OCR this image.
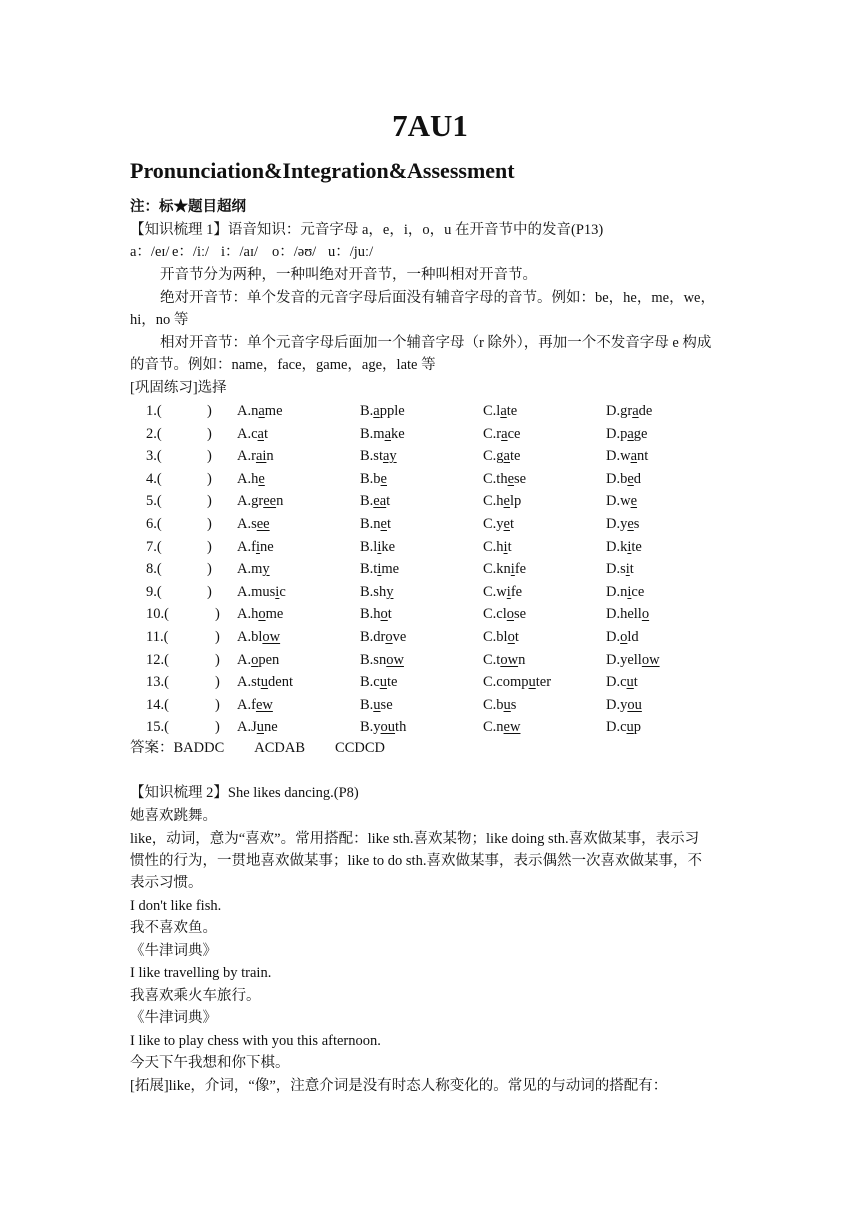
7AU1
Pronunciation&Integration&Assessment
注：标★题目超纲
【知识梳理 1】语音知识：元音字母 a，e，i，o，u 在开音节中的发音(P13)
a：/eɪ/ e：/iː/ i：/aɪ/ o：/əʊ/ u：/juː/
开音节分为两种，一种叫绝对开音节，一种叫相对开音节。
绝对开音节：单个发音的元音字母后面没有辅音字母的音节。例如：be，he，me，we，
hi，no 等
相对开音节：单个元音字母后面加一个辅音字母（r 除外），再加一个不发音字母 e 构成
的音节。例如：name，face，game，age，late 等
[巩固练习]选择
1.(	) A.name	B.apple	C.late	D.grade
2.(	) A.cat	B.make	C.race	D.page
3.(	) A.rain	B.stay	C.gate	D.want
4.(	) A.he	B.be	C.these	D.bed
5.(	) A.green	B.eat	C.help	D.we
6.(	) A.see	B.net	C.yet	D.yes
7.(	) A.fine	B.like	C.hit	D.kite
8.(	) A.my	B.time	C.knife	D.sit
9.(	) A.music	B.shy	C.wife	D.nice
10.(	) A.home	B.hot	C.close	D.hello
11.(	) A.blow	B.drove	C.blot	D.old
12.(	) A.open	B.snow	C.town	D.yellow
13.(	) A.student	B.cute	C.computer	D.cut
14.(	) A.few	B.use	C.bus	D.you
15.(	) A.June	B.youth	C.new	D.cup
答案：BADDC ACDAB CCDCD
【知识梳理 2】She likes dancing.(P8)
她喜欢跳舞。
like，动词，意为“喜欢”。常用搭配：like sth.喜欢某物；like doing sth.喜欢做某事，表示习
惯性的行为，一贯地喜欢做某事；like to do sth.喜欢做某事，表示偶然一次喜欢做某事，不
表示习惯。
I don't like fish.
我不喜欢鱼。
《牛津词典》
I like travelling by train.
我喜欢乘火车旅行。
《牛津词典》
I like to play chess with you this afternoon.
今天下午我想和你下棋。
[拓展]like，介词，“像”，注意介词是没有时态人称变化的。常见的与动词的搭配有：
